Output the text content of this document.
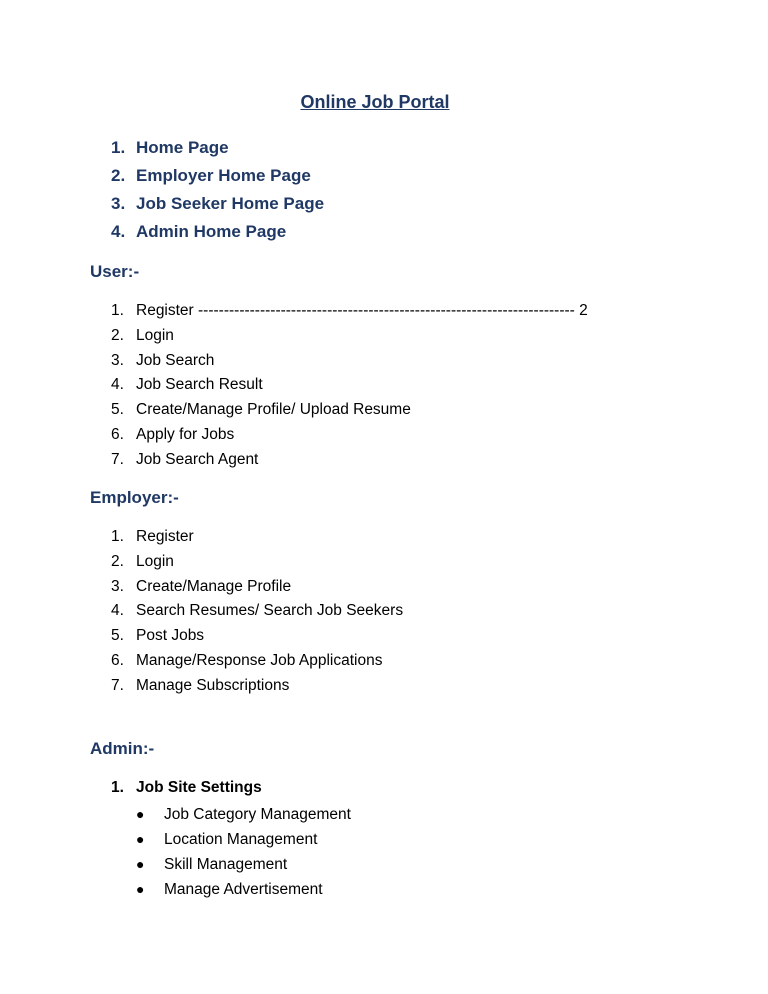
Online Job Portal
1. Home Page
2. Employer Home Page
3. Job Seeker Home Page
4. Admin Home Page
User:-
1. Register ------------------------------------------------------------------------- 2
2. Login
3. Job Search
4. Job Search Result
5. Create/Manage Profile/ Upload Resume
6. Apply for Jobs
7. Job Search Agent
Employer:-
1. Register
2. Login
3. Create/Manage Profile
4. Search Resumes/ Search Job Seekers
5. Post Jobs
6. Manage/Response Job Applications
7. Manage Subscriptions
Admin:-
1. Job Site Settings
● Job Category Management
● Location Management
● Skill Management
● Manage Advertisement
